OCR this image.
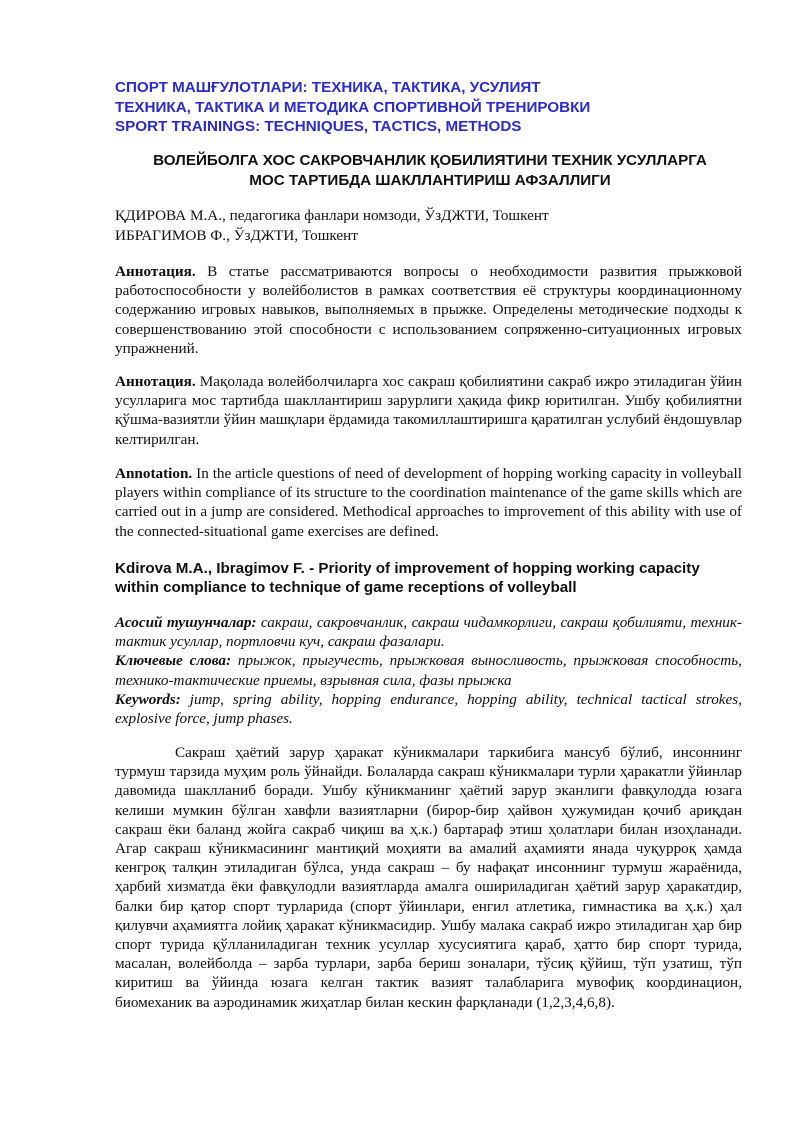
СПОРТ МАШҒУЛОТЛАРИ: ТЕХНИКА, ТАКТИКА, УСУЛИЯТ
ТЕХНИКА, ТАКТИКА И МЕТОДИКА СПОРТИВНОЙ ТРЕНИРОВКИ
SPORT TRAININGS: TECHNIQUES, TACTICS, METHODS
ВОЛЕЙБОЛГА ХОС САКРОВЧАНЛИК ҚОБИЛИЯТИНИ ТЕХНИК УСУЛЛАРГА
МОС ТАРТИБДА ШАКЛЛАНТИРИШ АФЗАЛЛИГИ
ҚДИРОВА М.А., педагогика фанлари номзоди, ЎзДЖТИ, Тошкент
ИБРАГИМОВ Ф., ЎзДЖТИ, Тошкент
Аннотация. В статье рассматриваются вопросы о необходимости развития прыжковой работоспособности у волейболистов в рамках соответствия её структуры координационному содержанию игровых навыков, выполняемых в прыжке. Определены методические подходы к совершенствованию этой способности с использованием сопряженно-ситуационных игровых упражнений.
Аннотация. Мақолада волейболчиларга хос сакраш қобилиятини сакраб ижро этиладиган ўйин усулларига мос тартибда шакллантириш зарурлиги ҳақида фикр юритилган. Ушбу қобилиятни қўшма-вазиятли ўйин машқлари ёрдамида такомиллаштиришга қаратилган услубий ёндошувлар келтирилган.
Annotation. In the article questions of need of development of hopping working capacity in volleyball players within compliance of its structure to the coordination maintenance of the game skills which are carried out in a jump are considered. Methodical approaches to improvement of this ability with use of the connected-situational game exercises are defined.
Kdirova M.A., Ibragimov F. - Priority of improvement of hopping working capacity within compliance to technique of game receptions of volleyball
Асосий тушунчалар: сакраш, сакровчанлик, сакраш чидамкорлиги, сакраш қобилияти, техник-тактик усуллар, портловчи куч, сакраш фазалари.
Ключевые слова: прыжок, прыгучесть, прыжковая выносливость, прыжковая способность, технико-тактические приемы, взрывная сила, фазы прыжка
Keywords: jump, spring ability, hopping endurance, hopping ability, technical tactical strokes, explosive force, jump phases.

Сакраш ҳаётий зарур ҳаракат кўникмалари таркибига мансуб бўлиб, инсоннинг турмуш тарзида муҳим роль ўйнайди. Болаларда сакраш кўникмалари турли ҳаракатли ўйинлар давомида шаклланиб боради. Ушбу кўникманинг ҳаётий зарур эканлиги фавқулодда юзага келиши мумкин бўлган хавфли вазиятларни (бирор-бир ҳайвон ҳужумидан қочиб ариқдан сакраш ёки баланд жойга сакраб чиқиш ва ҳ.к.) бартараф этиш ҳолатлари билан изоҳланади. Агар сакраш кўникмасининг мантиқий моҳияти ва амалий аҳамияти янада чуқурроқ ҳамда кенгроқ талқин этиладиган бўлса, унда сакраш – бу нафақат инсоннинг турмуш жараёнида, ҳарбий хизматда ёки фавқулодли вазиятларда амалга ошириладиган ҳаётий зарур ҳаракатдир, балки бир қатор спорт турларида (спорт ўйинлари, енгил атлетика, гимнастика ва ҳ.к.) ҳал қилувчи аҳамиятга лойиқ ҳаракат кўникмасидир. Ушбу малака сакраб ижро этиладиган ҳар бир спорт турида қўлланиладиган техник усуллар хусусиятига қараб, ҳатто бир спорт турида, масалан, волейболда – зарба турлари, зарба бериш зоналари, тўсиқ қўйиш, тўп узатиш, тўп киритиш ва ўйинда юзага келган тактик вазият талабларига мувофиқ координацион, биомеханик ва аэродинамик жиҳатлар билан кескин фарқланади (1,2,3,4,6,8).
